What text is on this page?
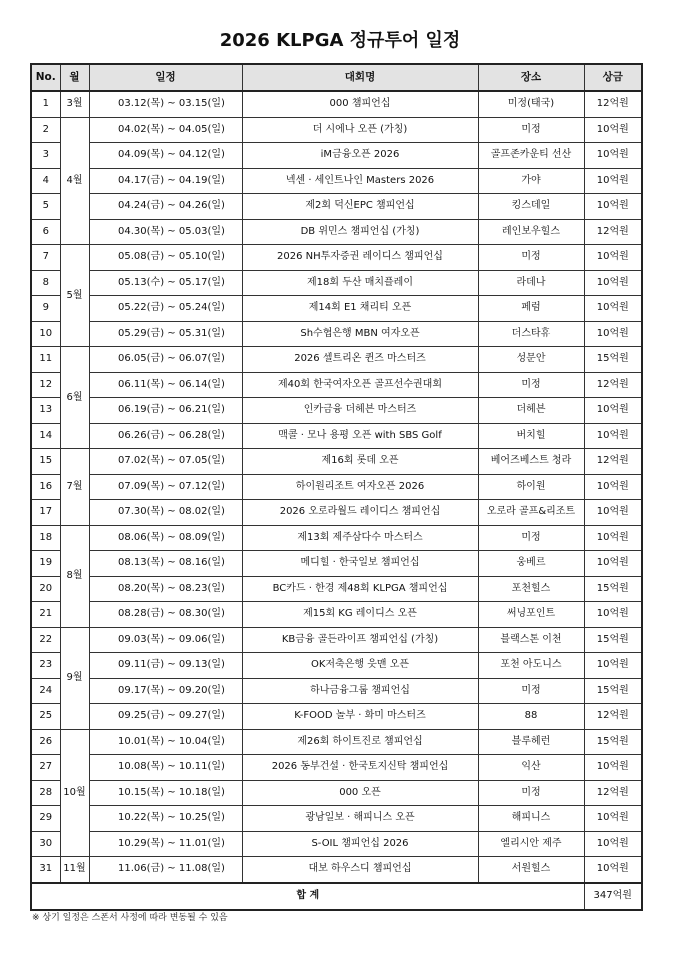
2026 KLPGA 정규투어 일정
No.	월	일정	대회명	장소	상금
1	3월	03.12(목) ~ 03.15(일)	000 챔피언십	미정(태국)	12억원
2	4월	04.02(목) ~ 04.05(일)	더 시에나 오픈 (가칭)	미정	10억원
3		04.09(목) ~ 04.12(일)	iM금융오픈 2026	골프존카운티 선산	10억원
4		04.17(금) ~ 04.19(일)	넥센 · 세인트나인 Masters 2026	가야	10억원
5		04.24(금) ~ 04.26(일)	제2회 덕신EPC 챔피언십	킹스데일	10억원
6		04.30(목) ~ 05.03(일)	DB 위민스 챔피언십 (가칭)	레인보우힐스	12억원
7	5월	05.08(금) ~ 05.10(일)	2026 NH투자증권 레이디스 챔피언십	미정	10억원
8		05.13(수) ~ 05.17(일)	제18회 두산 매치플레이	라데나	10억원
9		05.22(금) ~ 05.24(일)	제14회 E1 채리티 오픈	페럼	10억원
10		05.29(금) ~ 05.31(일)	Sh수협은행 MBN 여자오픈	더스타휴	10억원
11	6월	06.05(금) ~ 06.07(일)	2026 셀트리온 퀸즈 마스터즈	성문안	15억원
12		06.11(목) ~ 06.14(일)	제40회 한국여자오픈 골프선수권대회	미정	12억원
13		06.19(금) ~ 06.21(일)	인카금융 더헤븐 마스터즈	더헤븐	10억원
14		06.26(금) ~ 06.28(일)	맥콜 · 모나 용평 오픈 with SBS Golf	버치힐	10억원
15	7월	07.02(목) ~ 07.05(일)	제16회 롯데 오픈	베어즈베스트 청라	12억원
16		07.09(목) ~ 07.12(일)	하이원리조트 여자오픈 2026	하이원	10억원
17		07.30(목) ~ 08.02(일)	2026 오로라월드 레이디스 챔피언십	오로라 골프&리조트	10억원
18	8월	08.06(목) ~ 08.09(일)	제13회 제주삼다수 마스터스	미정	10억원
19		08.13(목) ~ 08.16(일)	메디힐 · 한국일보 챔피언십	웅베르	10억원
20		08.20(목) ~ 08.23(일)	BC카드 · 한경 제48회 KLPGA 챔피언십	포천힐스	15억원
21		08.28(금) ~ 08.30(일)	제15회 KG 레이디스 오픈	써닝포인트	10억원
22	9월	09.03(목) ~ 09.06(일)	KB금융 골든라이프 챔피언십 (가칭)	블랙스톤 이천	15억원
23		09.11(금) ~ 09.13(일)	OK저축은행 읏맨 오픈	포천 아도니스	10억원
24		09.17(목) ~ 09.20(일)	하나금융그룹 챔피언십	미정	15억원
25		09.25(금) ~ 09.27(일)	K-FOOD 놀부 · 화미 마스터즈	88	12억원
26	10월	10.01(목) ~ 10.04(일)	제26회 하이트진로 챔피언십	블루헤런	15억원
27		10.08(목) ~ 10.11(일)	2026 동부건설 · 한국토지신탁 챔피언십	익산	10억원
28		10.15(목) ~ 10.18(일)	000 오픈	미정	12억원
29		10.22(목) ~ 10.25(일)	광남일보 · 해피니스 오픈	해피니스	10억원
30		10.29(목) ~ 11.01(일)	S-OIL 챔피언십 2026	엘리시안 제주	10억원
31	11월	11.06(금) ~ 11.08(일)	대보 하우스디 챔피언십	서원힐스	10억원
합 계					347억원
※ 상기 일정은 스폰서 사정에 따라 변동될 수 있음
